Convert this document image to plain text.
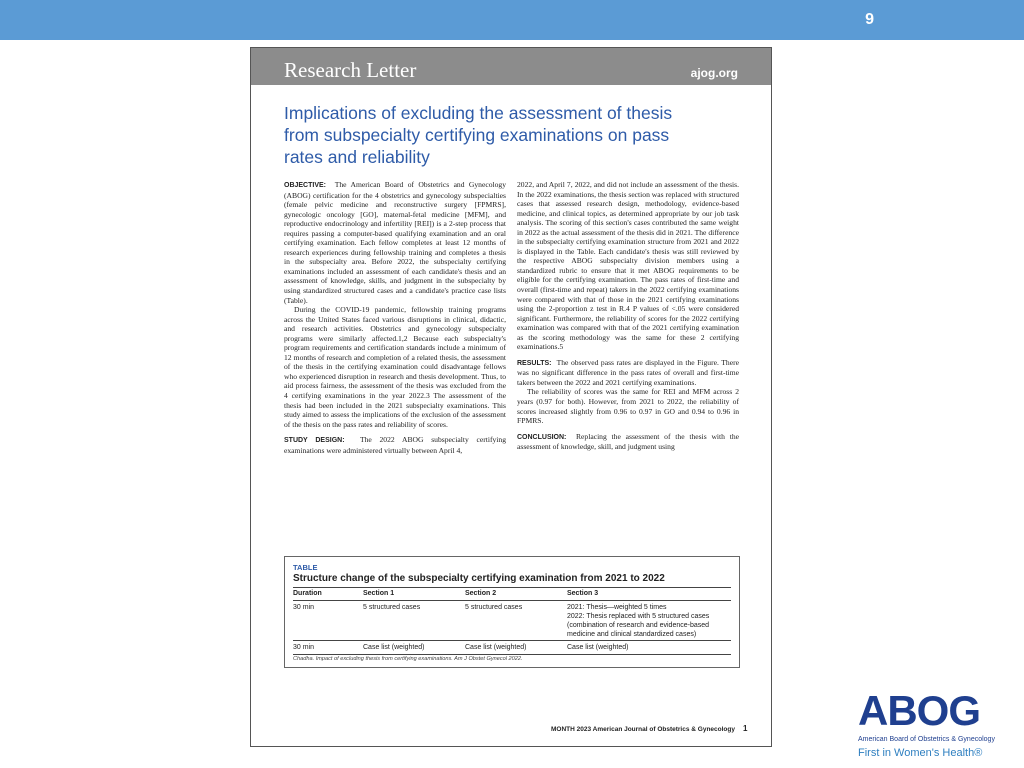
9
Research Letter	ajog.org
Implications of excluding the assessment of thesis from subspecialty certifying examinations on pass rates and reliability

OBJECTIVE: The American Board of Obstetrics and Gynecology (ABOG) certification for the 4 obstetrics and gynecology subspecialties (female pelvic medicine and reconstructive surgery [FPMRS], gynecologic oncology [GO], maternal-fetal medicine [MFM], and reproductive endocrinology and infertility [REI]) is a 2-step process that requires passing a computer-based qualifying examination and an oral certifying examination. Each fellow completes at least 12 months of research experiences during fellowship training and completes a thesis in the subspecialty area. Before 2022, the subspecialty certifying examinations included an assessment of each candidate's thesis and an assessment of knowledge, skills, and judgment in the subspecialty by using standardized structured cases and a candidate's practice case lists (Table).

During the COVID-19 pandemic, fellowship training programs across the United States faced various disruptions in clinical, didactic, and research activities. Obstetrics and gynecology subspecialty programs were similarly affected.1,2 Because each subspecialty's program requirements and certification standards include a minimum of 12 months of research and completion of a related thesis, the assessment of the thesis in the certifying examination could disadvantage fellows who experienced disruption in research and thesis development. Thus, to aid process fairness, the assessment of the thesis was excluded from the 4 certifying examinations in the year 2022.3 The assessment of the thesis had been included in the 2021 subspecialty examinations. This study aimed to assess the implications of the exclusion of the assessment of the thesis on the pass rates and reliability of scores.

STUDY DESIGN: The 2022 ABOG subspecialty certifying examinations were administered virtually between April 4,

2022, and April 7, 2022, and did not include an assessment of the thesis. In the 2022 examinations, the thesis section was replaced with structured cases that assessed research design, methodology, evidence-based medicine, and clinical topics, as determined appropriate by our job task analysis. The scoring of this section's cases contributed the same weight in 2022 as the actual assessment of the thesis did in 2021. The difference in the subspecialty certifying examination structure from 2021 and 2022 is displayed in the Table. Each candidate's thesis was still reviewed by the respective ABOG subspecialty division members using a standardized rubric to ensure that it met ABOG requirements to be eligible for the certifying examination. The pass rates of first-time and overall (first-time and repeat) takers in the 2022 certifying examinations were compared with that of those in the 2021 certifying examinations using the 2-proportion z test in R.4 P values of <.05 were considered significant. Furthermore, the reliability of scores for the 2022 certifying examination was compared with that of the 2021 certifying examination as the scoring methodology was the same for these 2 certifying examinations.5

RESULTS: The observed pass rates are displayed in the Figure. There was no significant difference in the pass rates of overall and first-time takers between the 2022 and 2021 certifying examinations.

The reliability of scores was the same for REI and MFM across 2 years (0.97 for both). However, from 2021 to 2022, the reliability of scores increased slightly from 0.96 to 0.97 in GO and 0.94 to 0.96 in FPMRS.

CONCLUSION: Replacing the assessment of the thesis with the assessment of knowledge, skill, and judgment using

TABLE
Structure change of the subspecialty certifying examination from 2021 to 2022
Duration	Section 1	Section 2	Section 3
30 min	5 structured cases	5 structured cases	2021: Thesis—weighted 5 times
2022: Thesis replaced with 5 structured cases (combination of research and evidence-based medicine and clinical standardized cases)
30 min	Case list (weighted)	Case list (weighted)	Case list (weighted)
Chadha. Impact of excluding thesis from certifying examinations. Am J Obstet Gynecol 2022.
MONTH 2023 American Journal of Obstetrics & Gynecology 1	ABOG
American Board of Obstetrics & Gynecology
First in Women's Health®
